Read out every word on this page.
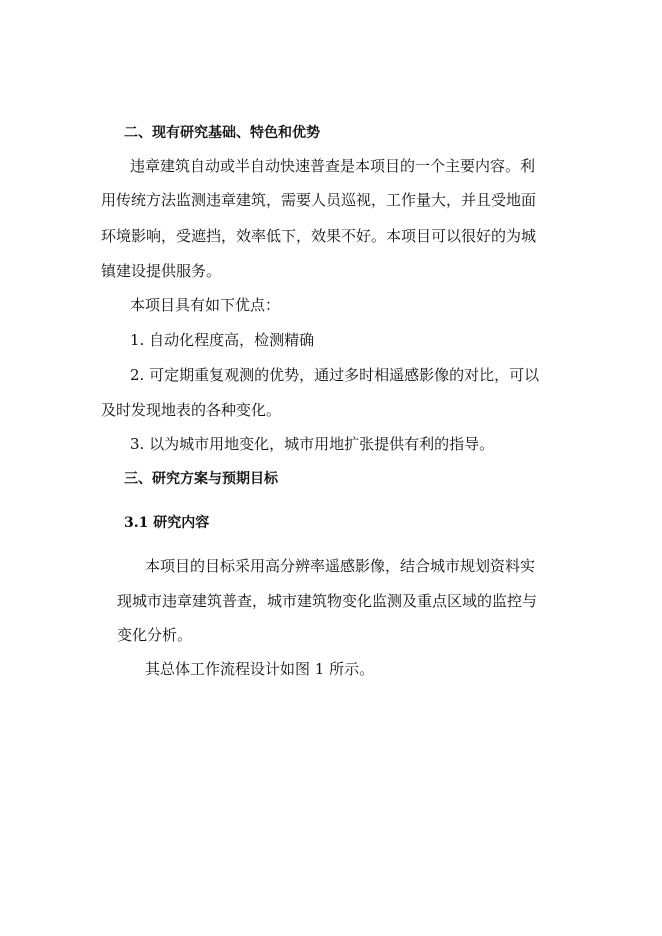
二、现有研究基础、特色和优势
违章建筑自动或半自动快速普查是本项目的一个主要内容。利
用传统方法监测违章建筑，需要人员巡视，工作量大，并且受地面
环境影响，受遮挡，效率低下，效果不好。本项目可以很好的为城
镇建设提供服务。
本项目具有如下优点：
1. 自动化程度高，检测精确
2. 可定期重复观测的优势，通过多时相遥感影像的对比，可以
及时发现地表的各种变化。
3. 以为城市用地变化，城市用地扩张提供有利的指导。
三、研究方案与预期目标
3.1 研究内容
本项目的目标采用高分辨率遥感影像，结合城市规划资料实
现城市违章建筑普查，城市建筑物变化监测及重点区域的监控与
变化分析。
其总体工作流程设计如图 1 所示。
